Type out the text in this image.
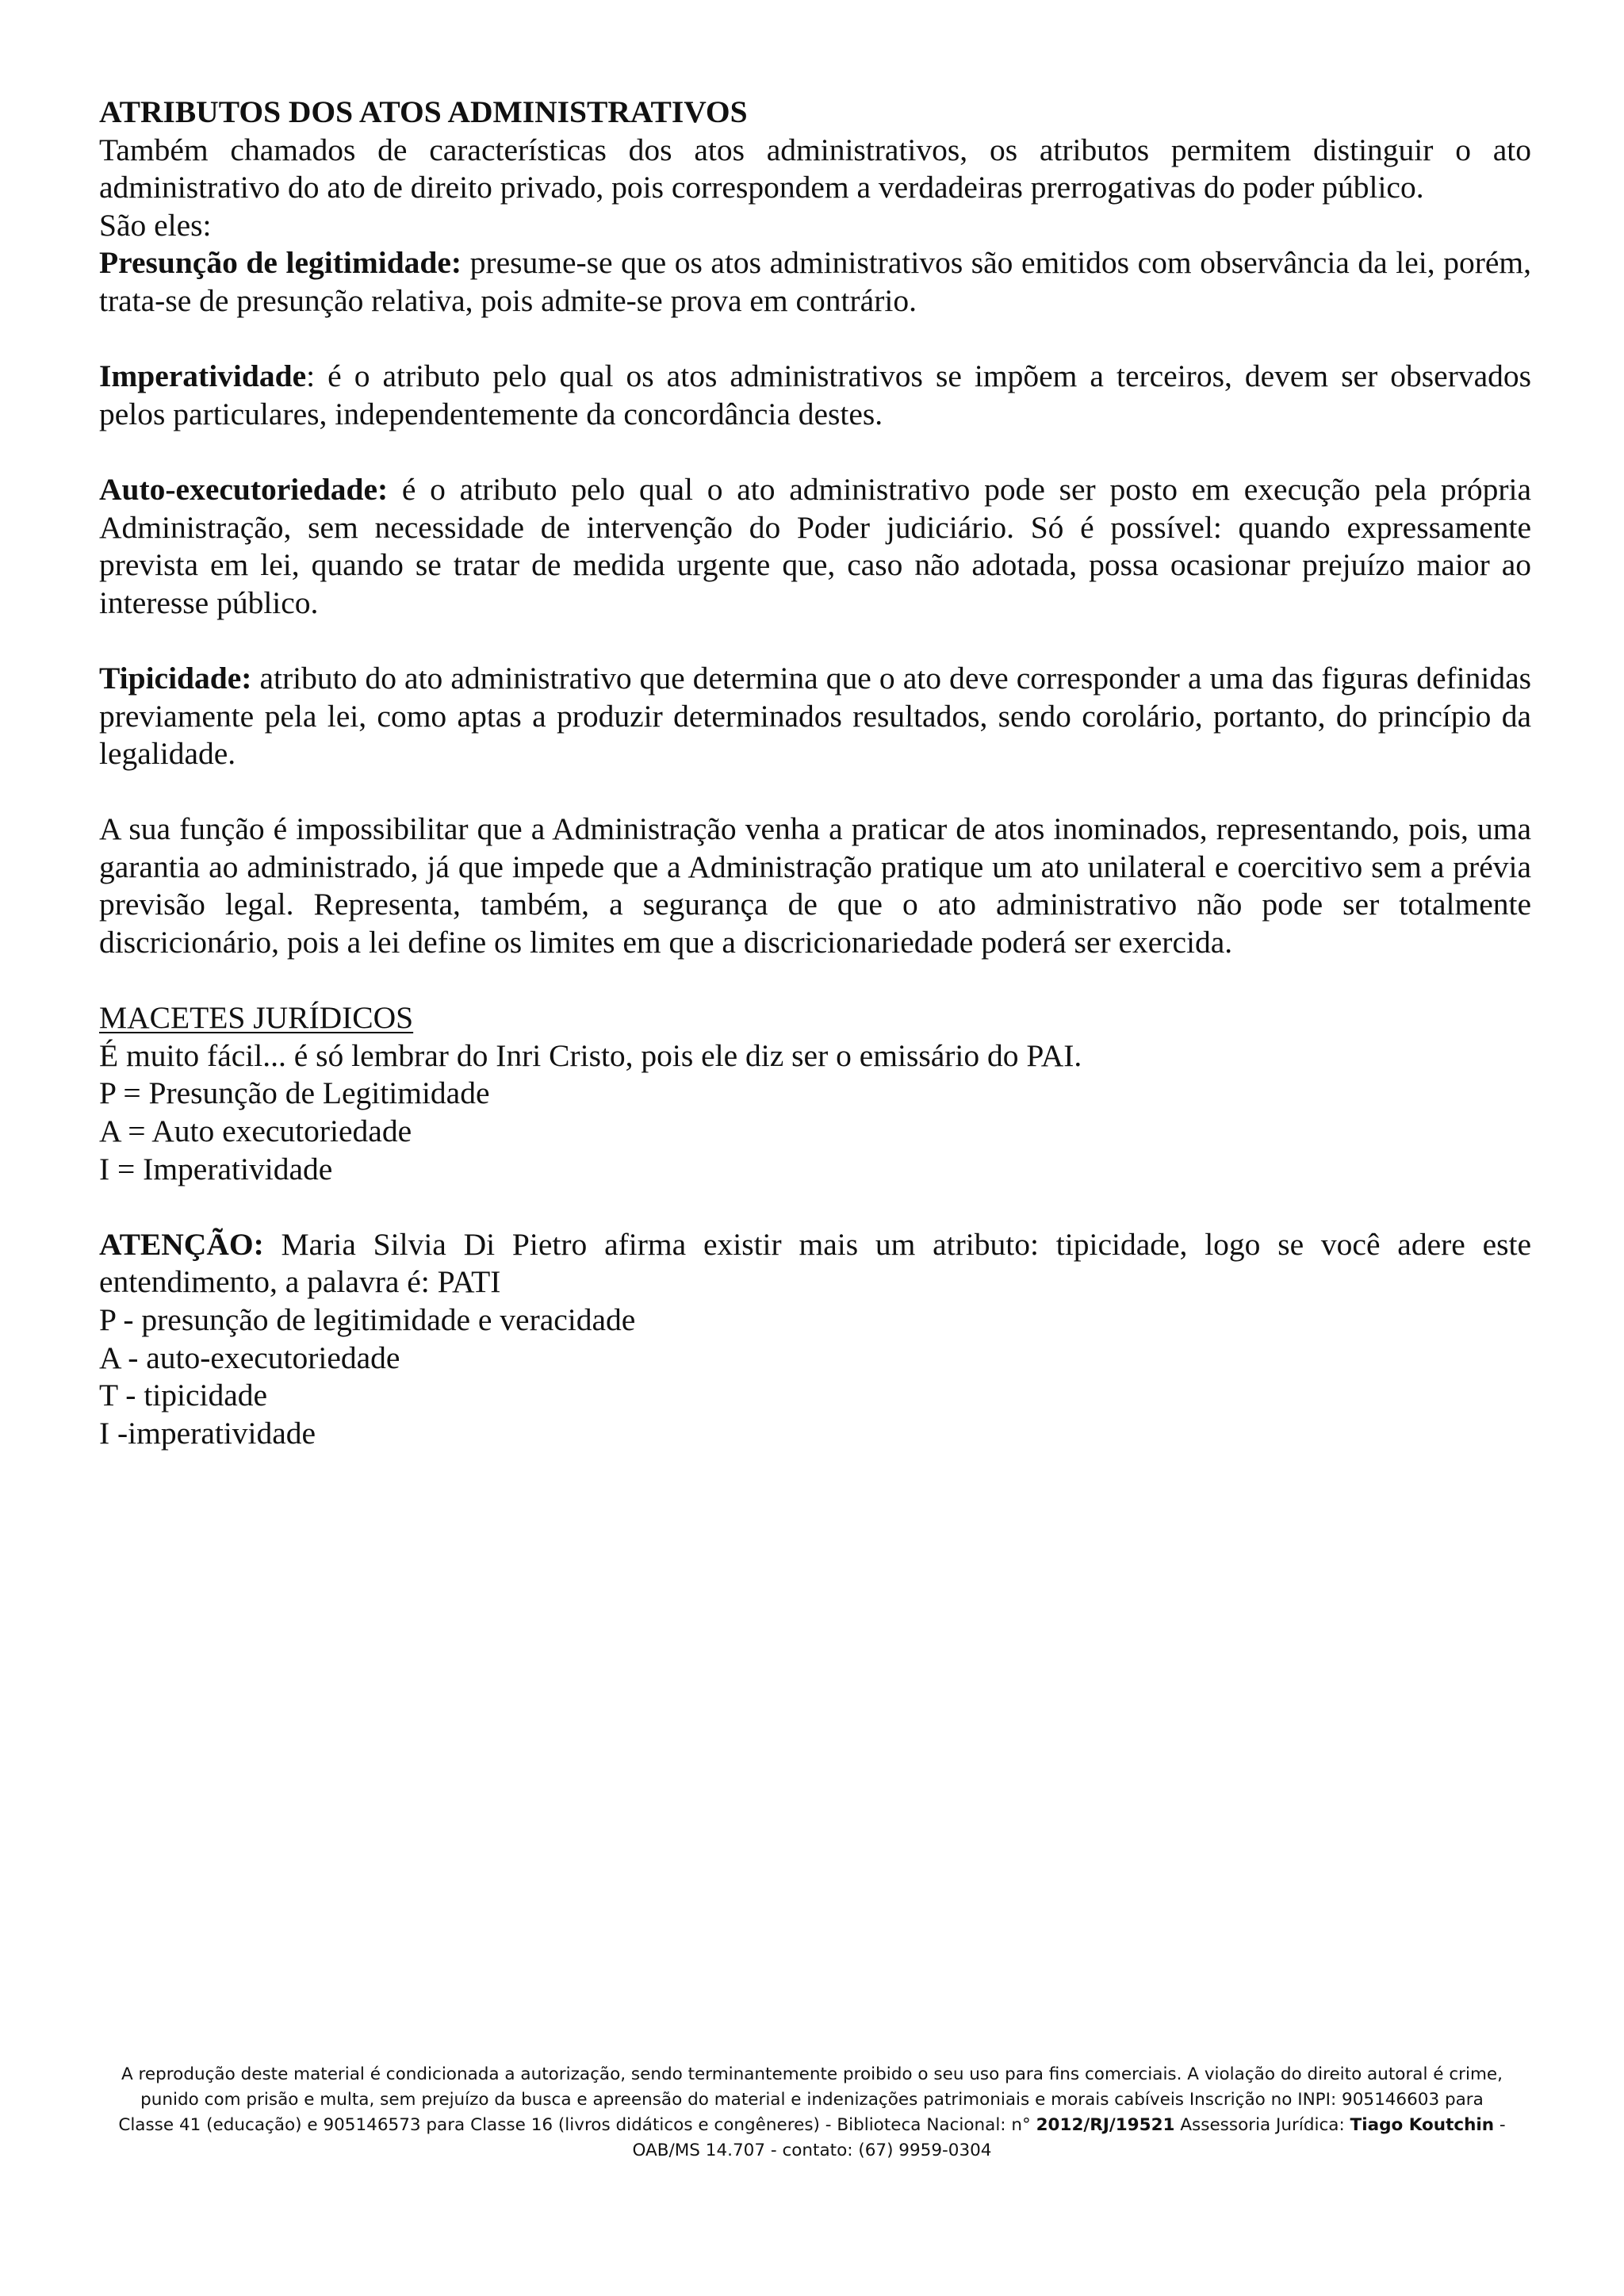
ATRIBUTOS DOS ATOS ADMINISTRATIVOS

Também chamados de características dos atos administrativos, os atributos permitem distinguir o ato administrativo do ato de direito privado, pois correspondem a verdadeiras prerrogativas do poder público.

São eles:

Presunção de legitimidade: presume-se que os atos administrativos são emitidos com observância da lei, porém, trata-se de presunção relativa, pois admite-se prova em contrário.

Imperatividade: é o atributo pelo qual os atos administrativos se impõem a terceiros, devem ser observados pelos particulares, independentemente da concordância destes.

Auto-executoriedade: é o atributo pelo qual o ato administrativo pode ser posto em execução pela própria Administração, sem necessidade de intervenção do Poder judiciário. Só é possível: quando expressamente prevista em lei, quando se tratar de medida urgente que, caso não adotada, possa ocasionar prejuízo maior ao interesse público.

Tipicidade: atributo do ato administrativo que determina que o ato deve corresponder a uma das figuras definidas previamente pela lei, como aptas a produzir determinados resultados, sendo corolário, portanto, do princípio da legalidade.

A sua função é impossibilitar que a Administração venha a praticar de atos inominados, representando, pois, uma garantia ao administrado, já que impede que a Administração pratique um ato unilateral e coercitivo sem a prévia previsão legal. Representa, também, a segurança de que o ato administrativo não pode ser totalmente discricionário, pois a lei define os limites em que a discricionariedade poderá ser exercida.

MACETES JURÍDICOS

É muito fácil... é só lembrar do Inri Cristo, pois ele diz ser o emissário do PAI.

P = Presunção de Legitimidade

A = Auto executoriedade

I = Imperatividade

ATENÇÃO: Maria Silvia Di Pietro afirma existir mais um atributo: tipicidade, logo se você adere este entendimento, a palavra é: PATI

P - presunção de legitimidade e veracidade

A - auto-executoriedade

T - tipicidade

I -imperatividade

A reprodução deste material é condicionada a autorização, sendo terminantemente proibido o seu uso para fins comerciais. A violação do direito autoral é crime, punido com prisão e multa, sem prejuízo da busca e apreensão do material e indenizações patrimoniais e morais cabíveis Inscrição no INPI: 905146603 para Classe 41 (educação) e 905146573 para Classe 16 (livros didáticos e congêneres) - Biblioteca Nacional: n° 2012/RJ/19521 Assessoria Jurídica: Tiago Koutchin - OAB/MS 14.707 - contato: (67) 9959-0304
